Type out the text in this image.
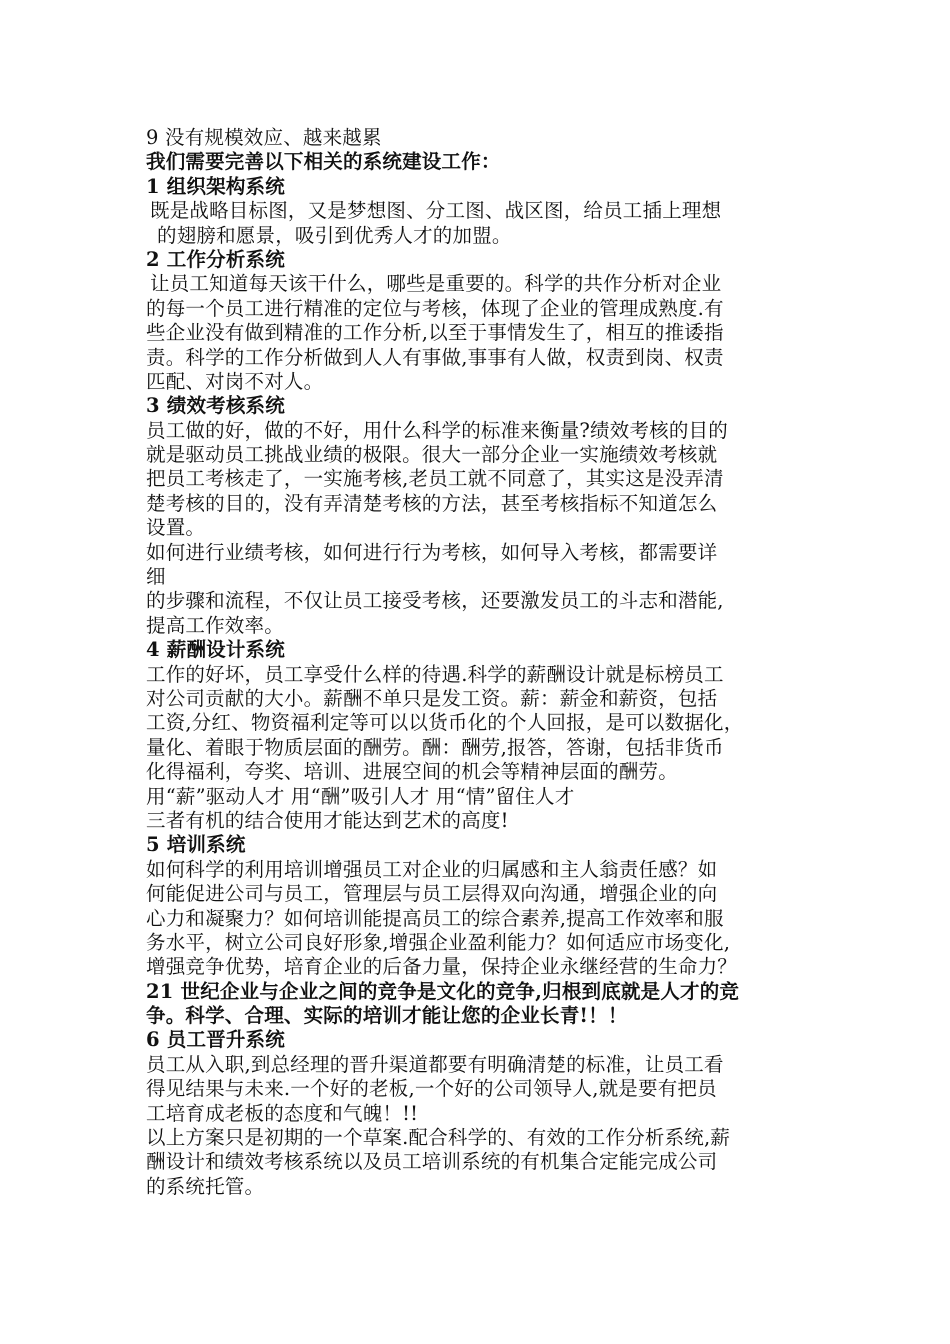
9 没有规模效应、越来越累
我们需要完善以下相关的系统建设工作：
1 组织架构系统
既是战略目标图，又是梦想图、分工图、战区图，给员工插上理想
的翅膀和愿景，吸引到优秀人才的加盟。
2 工作分析系统
让员工知道每天该干什么，哪些是重要的。科学的共作分析对企业
的每一个员工进行精准的定位与考核，体现了企业的管理成熟度.有
些企业没有做到精准的工作分析,以至于事情发生了，相互的推诿指
责。科学的工作分析做到人人有事做,事事有人做，权责到岗、权责
匹配、对岗不对人。
3 绩效考核系统
员工做的好，做的不好，用什么科学的标准来衡量?绩效考核的目的
就是驱动员工挑战业绩的极限。很大一部分企业一实施绩效考核就
把员工考核走了，一实施考核,老员工就不同意了，其实这是没弄清
楚考核的目的，没有弄清楚考核的方法，甚至考核指标不知道怎么
设置。
如何进行业绩考核，如何进行行为考核，如何导入考核，都需要详
细
的步骤和流程，不仅让员工接受考核，还要激发员工的斗志和潜能,
提高工作效率。
4 薪酬设计系统
工作的好坏，员工享受什么样的待遇.科学的薪酬设计就是标榜员工
对公司贡献的大小。薪酬不单只是发工资。薪：薪金和薪资，包括
工资,分红、物资福利定等可以以货币化的个人回报，是可以数据化，
量化、着眼于物质层面的酬劳。酬：酬劳,报答，答谢，包括非货币
化得福利，夸奖、培训、进展空间的机会等精神层面的酬劳。
用“薪”驱动人才 用“酬”吸引人才 用“情”留住人才
三者有机的结合使用才能达到艺术的高度!
5 培训系统
如何科学的利用培训增强员工对企业的归属感和主人翁责任感？如
何能促进公司与员工，管理层与员工层得双向沟通，增强企业的向
心力和凝聚力？如何培训能提高员工的综合素养,提高工作效率和服
务水平，树立公司良好形象,增强企业盈利能力？如何适应市场变化,
增强竞争优势，培育企业的后备力量，保持企业永继经营的生命力？
21 世纪企业与企业之间的竞争是文化的竞争,归根到底就是人才的竞
争。科学、合理、实际的培训才能让您的企业长青!！！
6 员工晋升系统
员工从入职,到总经理的晋升渠道都要有明确清楚的标准，让员工看
得见结果与未来.一个好的老板,一个好的公司领导人,就是要有把员
工培育成老板的态度和气魄！!!
以上方案只是初期的一个草案.配合科学的、有效的工作分析系统,薪
酬设计和绩效考核系统以及员工培训系统的有机集合定能完成公司
的系统托管。
